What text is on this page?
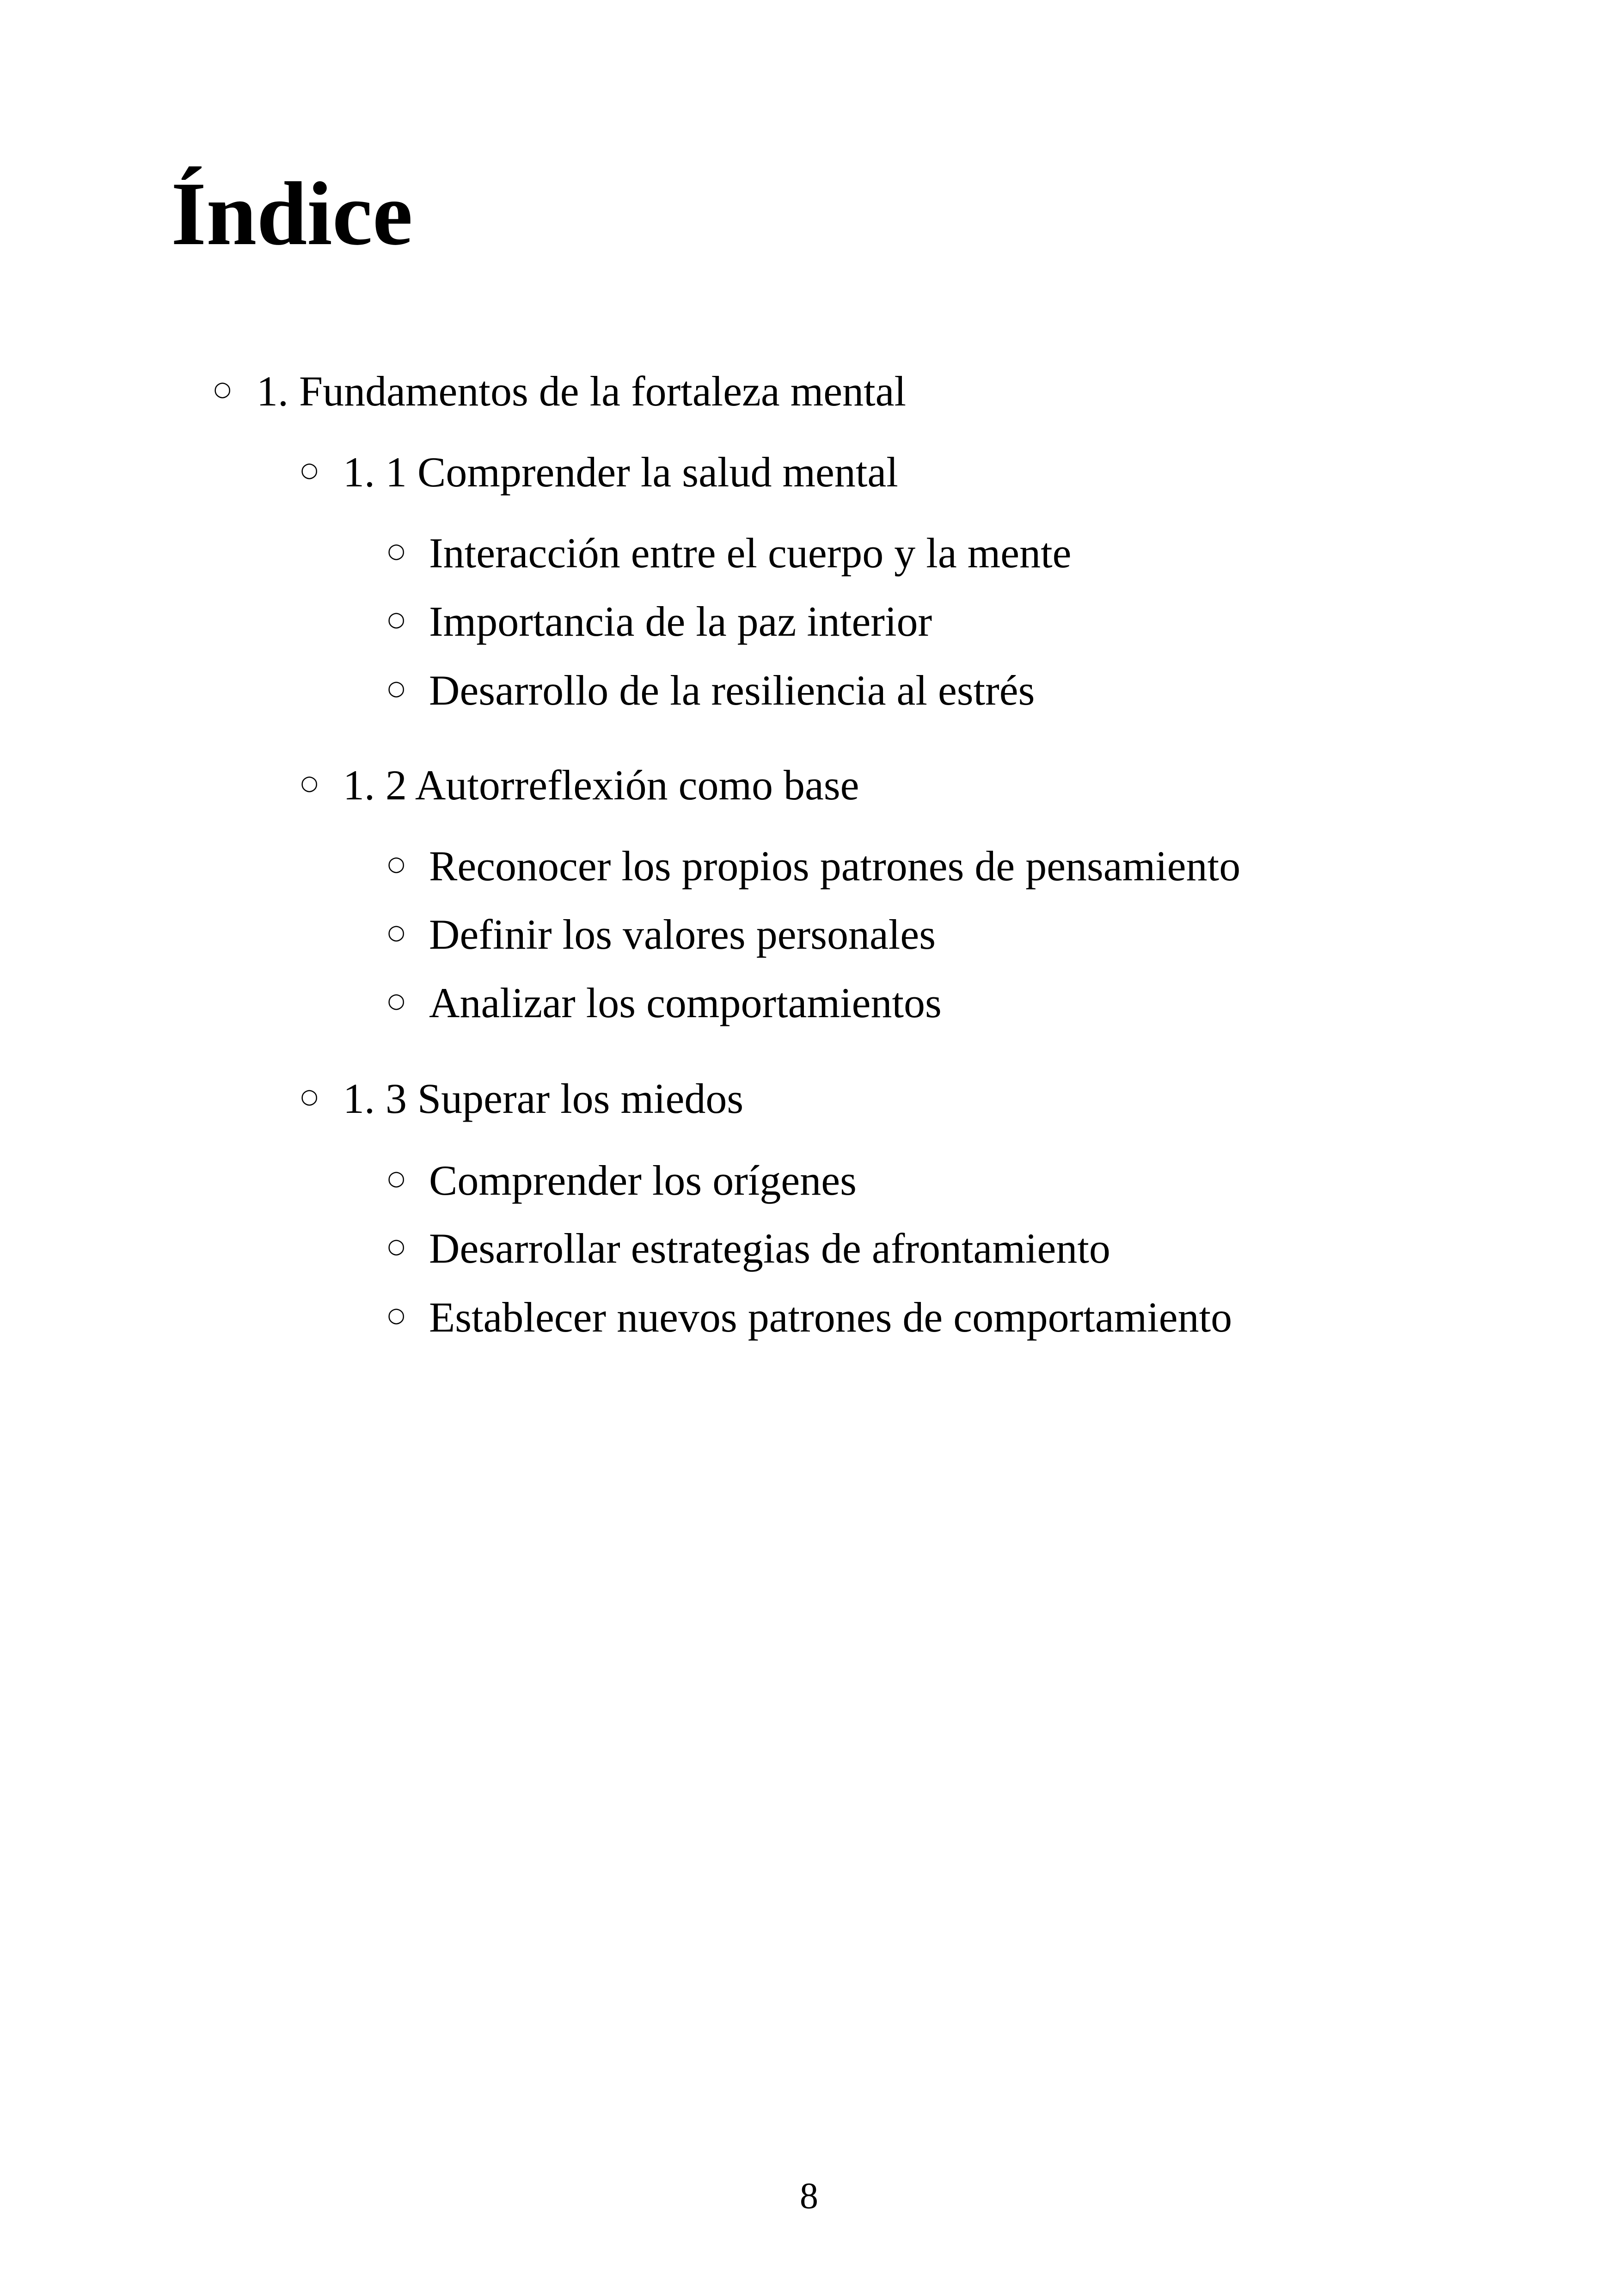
Índice
○ 1. Fundamentos de la fortaleza mental
○ 1. 1 Comprender la salud mental
○ Interacción entre el cuerpo y la mente
○ Importancia de la paz interior
○ Desarrollo de la resiliencia al estrés
○ 1. 2 Autorreflexión como base
○ Reconocer los propios patrones de pensamiento
○ Definir los valores personales
○ Analizar los comportamientos
○ 1. 3 Superar los miedos
○ Comprender los orígenes
○ Desarrollar estrategias de afrontamiento
○ Establecer nuevos patrones de comportamiento
8
